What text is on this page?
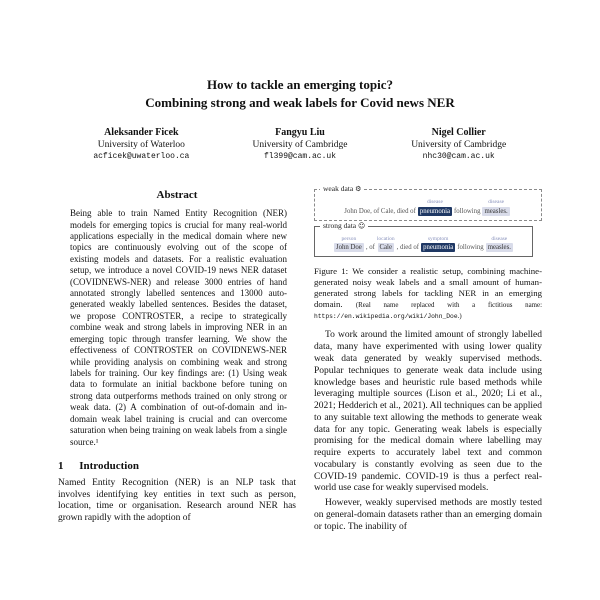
How to tackle an emerging topic?
Combining strong and weak labels for Covid news NER
Aleksander Ficek
University of Waterloo
acficek@uwaterloo.ca
Fangyu Liu
University of Cambridge
fl399@cam.ac.uk
Nigel Collier
University of Cambridge
nhc30@cam.ac.uk
Abstract
Being able to train Named Entity Recognition (NER) models for emerging topics is crucial for many real-world applications especially in the medical domain where new topics are continuously evolving out of the scope of existing models and datasets. For a realistic evaluation setup, we introduce a novel COVID-19 news NER dataset (COVIDNEWS-NER) and release 3000 entries of hand annotated strongly labelled sentences and 13000 auto-generated weakly labelled sentences. Besides the dataset, we propose CONTROSTER, a recipe to strategically combine weak and strong labels in improving NER in an emerging topic through transfer learning. We show the effectiveness of CONTROSTER on COVIDNEWS-NER while providing analysis on combining weak and strong labels for training. Our key findings are: (1) Using weak data to formulate an initial backbone before tuning on strong data outperforms methods trained on only strong or weak data. (2) A combination of out-of-domain and in-domain weak label training is crucial and can overcome saturation when being training on weak labels from a single source.¹
1 Introduction
Named Entity Recognition (NER) is an NLP task that involves identifying key entities in text such as person, location, time or organisation. Research around NER has grown rapidly with the adoption of
weak data ⚙

John Doe, of Cale, died of
disease
pneumonia
following
disease
measles.
strong data ☺
person
John Doe
, of
location
Cale
, died of
symptom
pneumonia
following
disease
measles.
Figure 1: We consider a realistic setup, combining machine-generated noisy weak labels and a small amount of human-generated strong labels for tackling NER in an emerging domain. (Real name replaced with a fictitious name: https://en.wikipedia.org/wiki/John_Doe.)
To work around the limited amount of strongly labelled data, many have experimented with using lower quality weak data generated by weakly supervised methods. Popular techniques to generate weak data include using knowledge bases and heuristic rule based methods while leveraging multiple sources (Lison et al., 2020; Li et al., 2021; Hedderich et al., 2021). All techniques can be applied to any suitable text allowing the methods to generate weak data for any topic. Generating weak labels is especially promising for the medical domain where labelling may require experts to accurately label text and common vocabulary is constantly evolving as seen due to the COVID-19 pandemic. COVID-19 is thus a perfect real-world use case for weakly supervised models.
However, weakly supervised methods are mostly tested on general-domain datasets rather than an emerging domain or topic. The inability of
